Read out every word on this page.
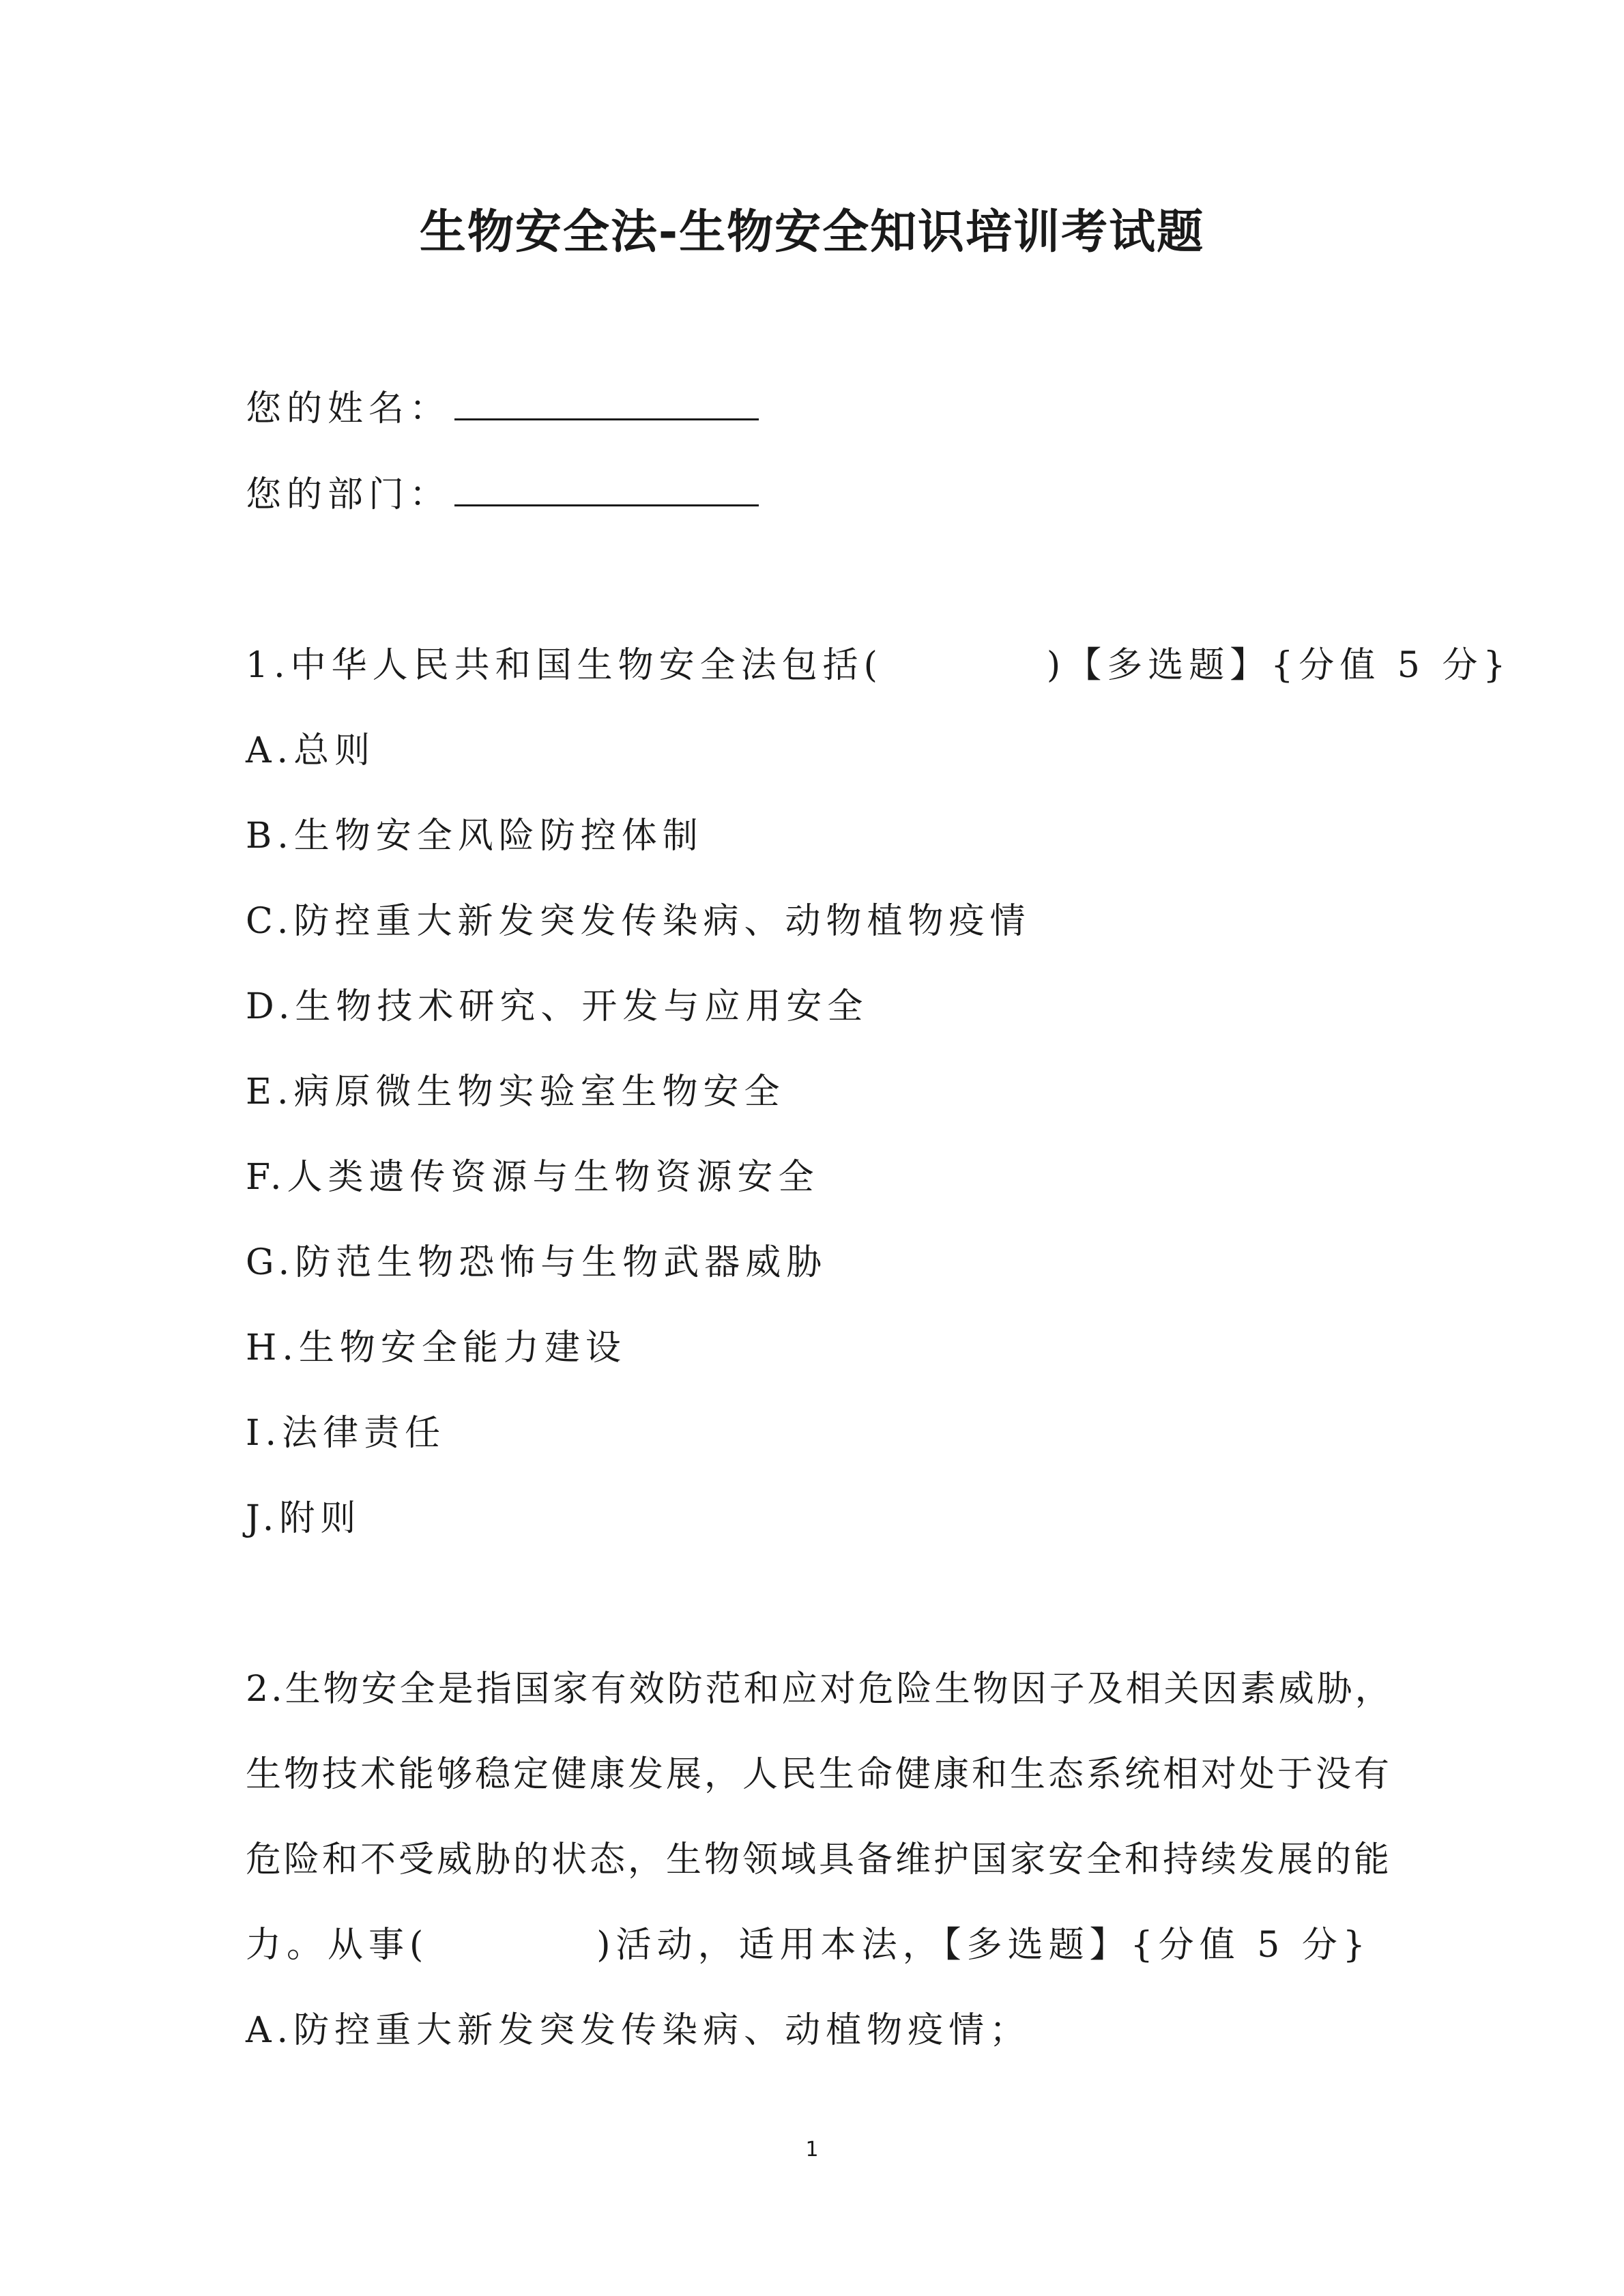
生物安全法-生物安全知识培训考试题
您的姓名：
您的部门：
1.中华人民共和国生物安全法包括(	)【多选题】{分值 5 分}
A.总则
B.生物安全风险防控体制
C.防控重大新发突发传染病、动物植物疫情
D.生物技术研究、开发与应用安全
E.病原微生物实验室生物安全
F.人类遗传资源与生物资源安全
G.防范生物恐怖与生物武器威胁
H.生物安全能力建设
I.法律责任
J.附则
2.生物安全是指国家有效防范和应对危险生物因子及相关因素威胁，
生物技术能够稳定健康发展，人民生命健康和生态系统相对处于没有
危险和不受威胁的状态，生物领域具备维护国家安全和持续发展的能
力。从事(	)活动，适用本法，【多选题】{分值 5 分}
A.防控重大新发突发传染病、动植物疫情；
1
